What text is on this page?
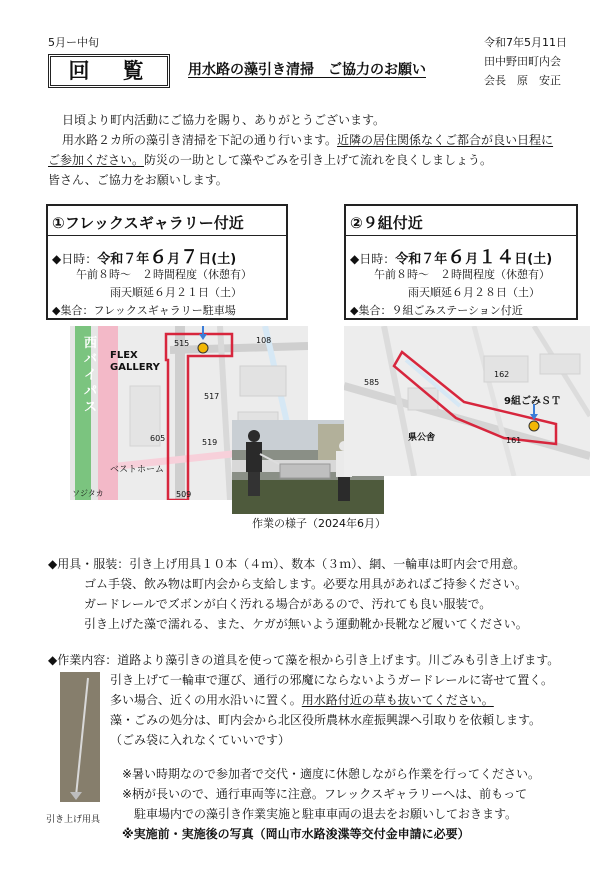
5月ー中旬
回　覧	用水路の藻引き清掃　ご協力のお願い
令和7年5月11日
田中野田町内会
会長　原　安正
日頃より町内活動にご協力を賜り、ありがとうございます。
用水路２カ所の藻引き清掃を下記の通り行います。近隣の居住関係なくご都合が良い日程に
ご参加ください。防災の一助として藻やごみを引き上げて流れを良くしましょう。
皆さん、ご協力をお願いします。
①フレックスギャラリー付近
◆日時：令和７年６月７日(土)
午前８時～　２時間程度（休憩有）
雨天順延６月２１日（土）
◆集合：フレックスギャラリー駐車場
②９組付近
◆日時：令和７年６月１４日(土)
午前８時～　２時間程度（休憩有）
雨天順延６月２８日（土）
◆集合：９組ごみステーション付近
西バイパス
FLEX GALLERY
ベストホーム
515	108
517
605	519
509
ソジタカ
作業の様子（2024年6月）
9組ごみＳＴ
県公舎
585
162
161
◆用具・服装：引き上げ用具１０本（４ｍ）、数本（３ｍ）、網、一輪車は町内会で用意。
ゴム手袋、飲み物は町内会から支給します。必要な用具があればご持参ください。
ガードレールでズボンが白く汚れる場合があるので、汚れても良い服装で。
引き上げた藻で濡れる、また、ケガが無いよう運動靴か長靴など履いてください。
◆作業内容：道路より藻引きの道具を使って藻を根から引き上げます。川ごみも引き上げます。
引き上げて一輪車で運び、通行の邪魔にならないようガードレールに寄せて置く。
多い場合、近くの用水沿いに置く。用水路付近の草も抜いてください。
藻・ごみの処分は、町内会から北区役所農林水産振興課へ引取りを依頼します。
（ごみ袋に入れなくていいです）
※暑い時期なので参加者で交代・適度に休憩しながら作業を行ってください。
※柄が長いので、通行車両等に注意。フレックスギャラリーへは、前もって
駐車場内での藻引き作業実施と駐車車両の退去をお願いしておきます。
※実施前・実施後の写真（岡山市水路浚渫等交付金申請に必要）
引き上げ用具
